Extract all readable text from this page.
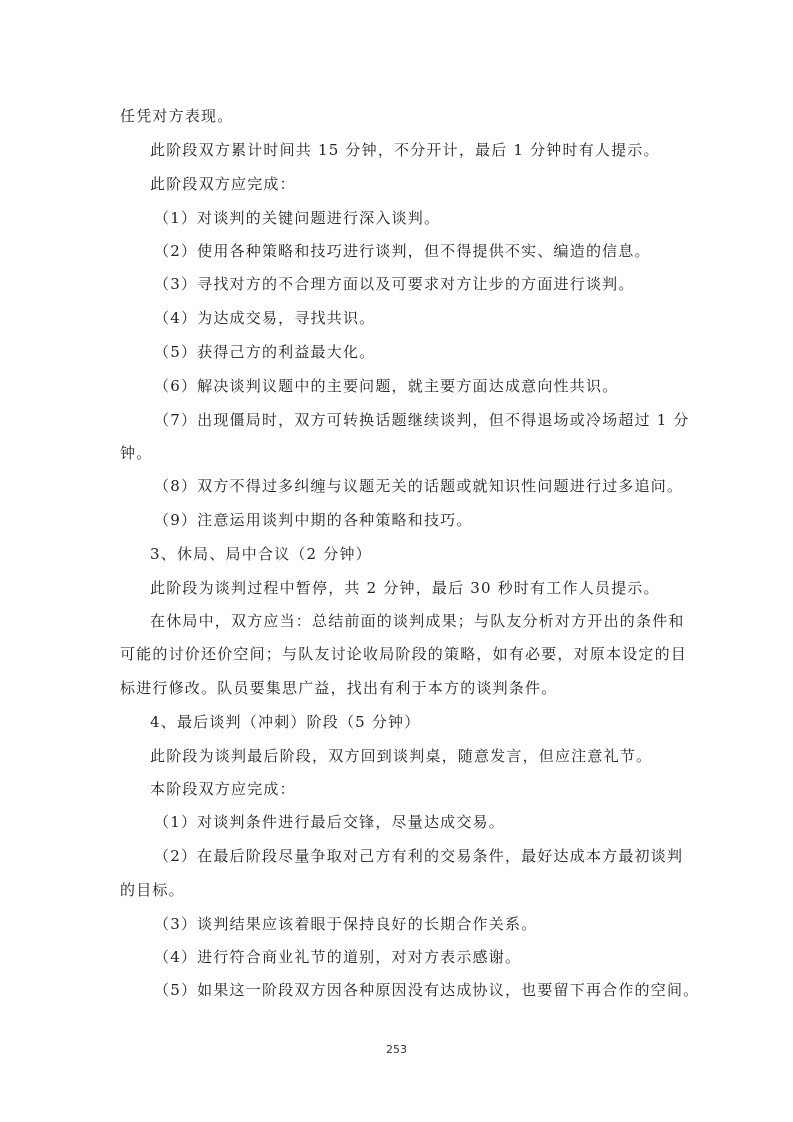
任凭对方表现。
此阶段双方累计时间共 15 分钟，不分开计，最后 1 分钟时有人提示。
此阶段双方应完成：
（1）对谈判的关键问题进行深入谈判。
（2）使用各种策略和技巧进行谈判，但不得提供不实、编造的信息。
（3）寻找对方的不合理方面以及可要求对方让步的方面进行谈判。
（4）为达成交易，寻找共识。
（5）获得己方的利益最大化。
（6）解决谈判议题中的主要问题，就主要方面达成意向性共识。
（7）出现僵局时，双方可转换话题继续谈判，但不得退场或冷场超过 1 分
钟。
（8）双方不得过多纠缠与议题无关的话题或就知识性问题进行过多追问。
（9）注意运用谈判中期的各种策略和技巧。
3、休局、局中合议（2 分钟）
此阶段为谈判过程中暂停，共 2 分钟，最后 30 秒时有工作人员提示。
在休局中，双方应当：总结前面的谈判成果；与队友分析对方开出的条件和
可能的讨价还价空间；与队友讨论收局阶段的策略，如有必要，对原本设定的目
标进行修改。队员要集思广益，找出有利于本方的谈判条件。
4、最后谈判（冲刺）阶段（5 分钟）
此阶段为谈判最后阶段，双方回到谈判桌，随意发言，但应注意礼节。
本阶段双方应完成：
（1）对谈判条件进行最后交锋，尽量达成交易。
（2）在最后阶段尽量争取对己方有利的交易条件，最好达成本方最初谈判
的目标。
（3）谈判结果应该着眼于保持良好的长期合作关系。
（4）进行符合商业礼节的道别，对对方表示感谢。
（5）如果这一阶段双方因各种原因没有达成协议，也要留下再合作的空间。
253
